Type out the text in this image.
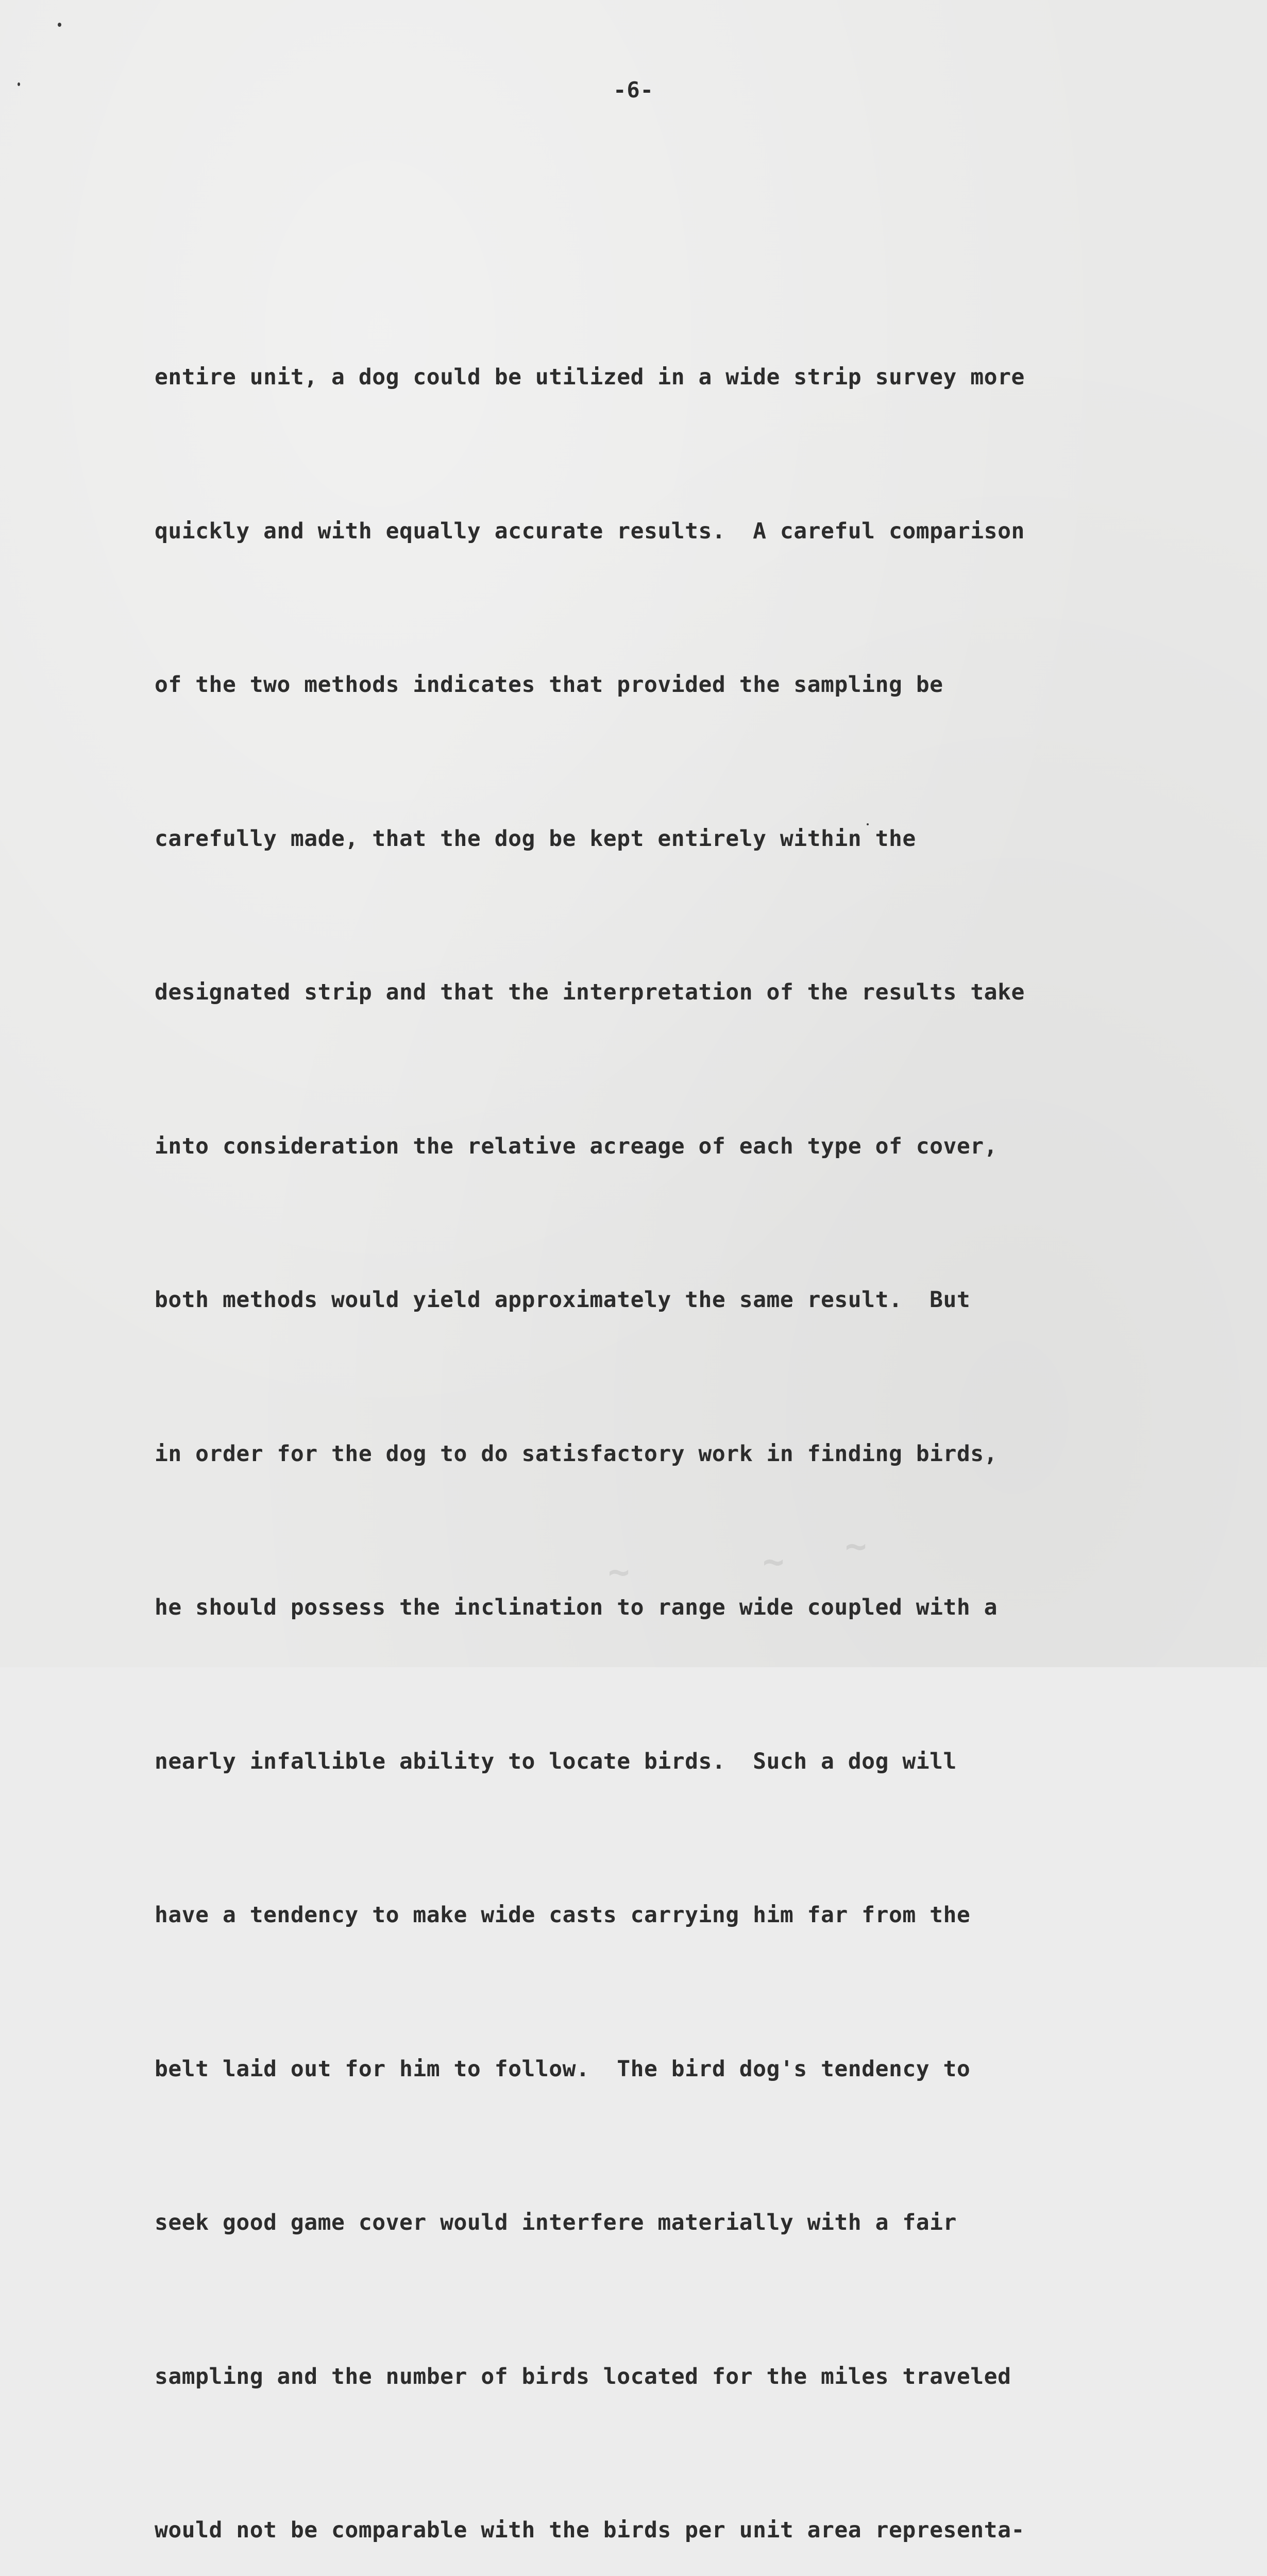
~ ~
~
-6-

entire unit, a dog could be utilized in a wide strip survey more

quickly and with equally accurate results.  A careful comparison

of the two methods indicates that provided the sampling be

carefully made, that the dog be kept entirely within the

designated strip and that the interpretation of the results take

into consideration the relative acreage of each type of cover,

both methods would yield approximately the same result.  But

in order for the dog to do satisfactory work in finding birds,

he should possess the inclination to range wide coupled with a

nearly infallible ability to locate birds.  Such a dog will

have a tendency to make wide casts carrying him far from the

belt laid out for him to follow.  The bird dog's tendency to

seek good game cover would interfere materially with a fair

sampling and the number of birds located for the miles traveled

would not be comparable with the birds per unit area representa-
